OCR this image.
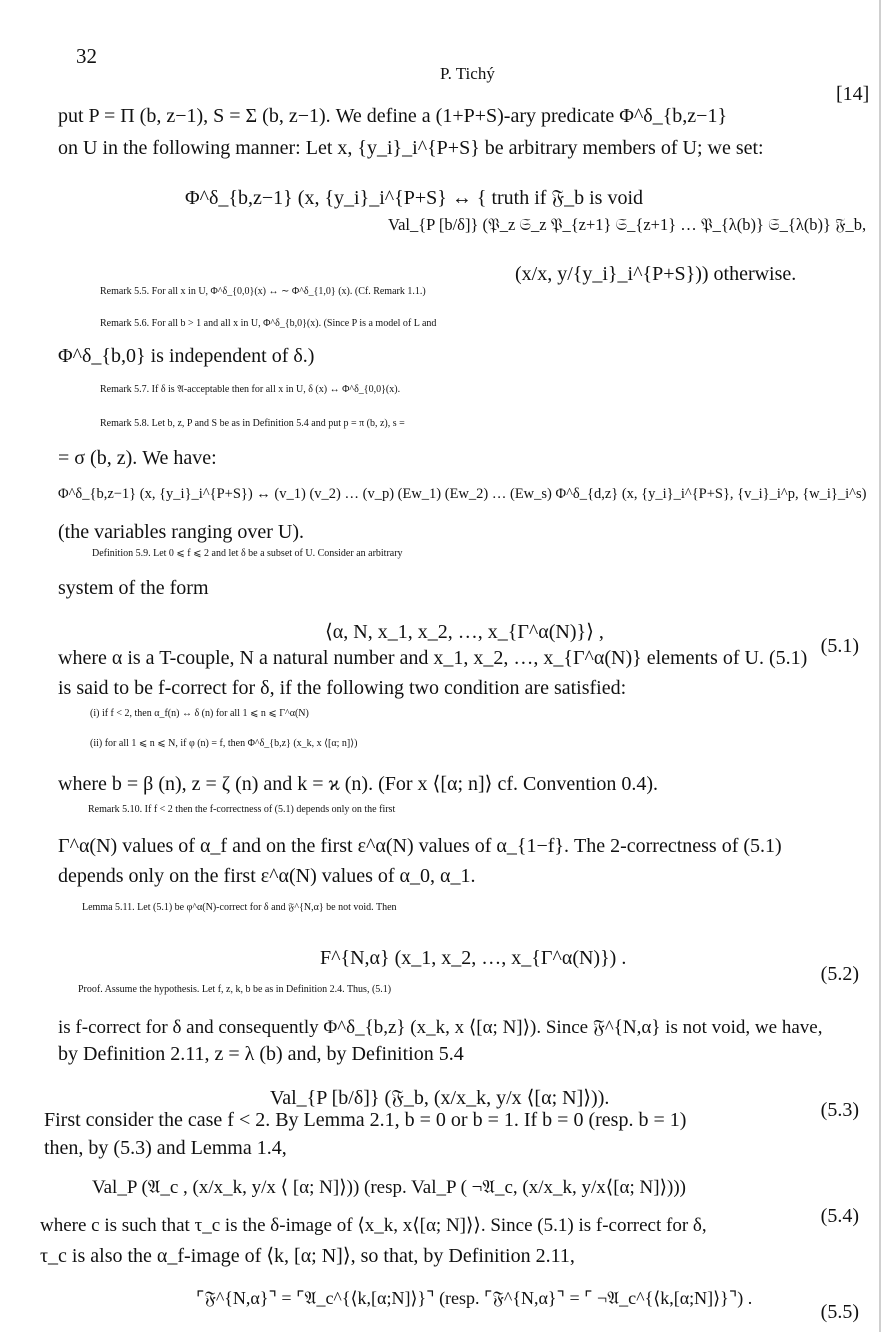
32
P. Tichý
[14]
put P = Π (b, z−1), S = Σ (b, z−1). We define a (1+P+S)-ary predicate Φ^δ_{b,z−1}
on U in the following manner: Let x, {y_i}_i^{P+S} be arbitrary members of U; we set:
Φ^δ_{b,z−1} (x, {y_i}_i^{P+S} ↔ { truth if 𝔉_b is void
Val_{P [b/δ]} (𝔓_z 𝔖_z 𝔓_{z+1} 𝔖_{z+1} … 𝔓_{λ(b)} 𝔖_{λ(b)} 𝔉_b,
(x/x, y/{y_i}_i^{P+S})) otherwise.
Remark 5.5. For all x in U, Φ^δ_{0,0}(x) ↔ ∼ Φ^δ_{1,0} (x). (Cf. Remark 1.1.)
Remark 5.6. For all b > 1 and all x in U, Φ^δ_{b,0}(x). (Since P is a model of L and
Φ^δ_{b,0} is independent of δ.)
Remark 5.7. If δ is 𝔄-acceptable then for all x in U, δ (x) ↔ Φ^δ_{0,0}(x).
Remark 5.8. Let b, z, P and S be as in Definition 5.4 and put p = π (b, z), s =
= σ (b, z). We have:
Φ^δ_{b,z−1} (x, {y_i}_i^{P+S}) ↔ (v_1) (v_2) … (v_p) (Ew_1) (Ew_2) … (Ew_s) Φ^δ_{d,z} (x, {y_i}_i^{P+S}, {v_i}_i^p, {w_i}_i^s)
(the variables ranging over U).
Definition 5.9. Let 0 ⩽ f ⩽ 2 and let δ be a subset of U. Consider an arbitrary
system of the form
⟨α, N, x_1, x_2, …, x_{Γ^α(N)}⟩ ,
(5.1)
where α is a T-couple, N a natural number and x_1, x_2, …, x_{Γ^α(N)} elements of U. (5.1)
is said to be f-correct for δ, if the following two condition are satisfied:
(i) if f < 2, then α_f(n) ↔ δ (n) for all 1 ⩽ n ⩽ Γ^α(N)
(ii) for all 1 ⩽ n ⩽ N, if φ (n) = f, then Φ^δ_{b,z} (x_k, x ⟨[α; n]⟩)
where b = β (n), z = ζ (n) and k = ϰ (n). (For x ⟨[α; n]⟩ cf. Convention 0.4).
Remark 5.10. If f < 2 then the f-correctness of (5.1) depends only on the first
Γ^α(N) values of α_f and on the first ε^α(N) values of α_{1−f}. The 2-correctness of (5.1)
depends only on the first ε^α(N) values of α_0, α_1.
Lemma 5.11. Let (5.1) be φ^α(N)-correct for δ and 𝔉^{N,α} be not void. Then
F^{N,α} (x_1, x_2, …, x_{Γ^α(N)}) .
(5.2)
Proof. Assume the hypothesis. Let f, z, k, b be as in Definition 2.4. Thus, (5.1)
is f-correct for δ and consequently Φ^δ_{b,z} (x_k, x ⟨[α; N]⟩). Since 𝔉^{N,α} is not void, we have,
by Definition 2.11, z = λ (b) and, by Definition 5.4
Val_{P [b/δ]} (𝔉_b, (x/x_k, y/x ⟨[α; N]⟩)).
(5.3)
First consider the case f < 2. By Lemma 2.1, b = 0 or b = 1. If b = 0 (resp. b = 1)
then, by (5.3) and Lemma 1.4,
Val_P (𝔄_c , (x/x_k, y/x ⟨ [α; N]⟩)) (resp. Val_P ( ¬𝔄_c, (x/x_k, y/x⟨[α; N]⟩)))
(5.4)
where c is such that τ_c is the δ-image of ⟨x_k, x⟨[α; N]⟩⟩. Since (5.1) is f-correct for δ,
τ_c is also the α_f-image of ⟨k, [α; N]⟩, so that, by Definition 2.11,
⌜𝔉^{N,α}⌝ = ⌜𝔄_c^{⟨k,[α;N]⟩}⌝ (resp. ⌜𝔉^{N,α}⌝ = ⌜ ¬𝔄_c^{⟨k,[α;N]⟩}⌝) .
(5.5)
